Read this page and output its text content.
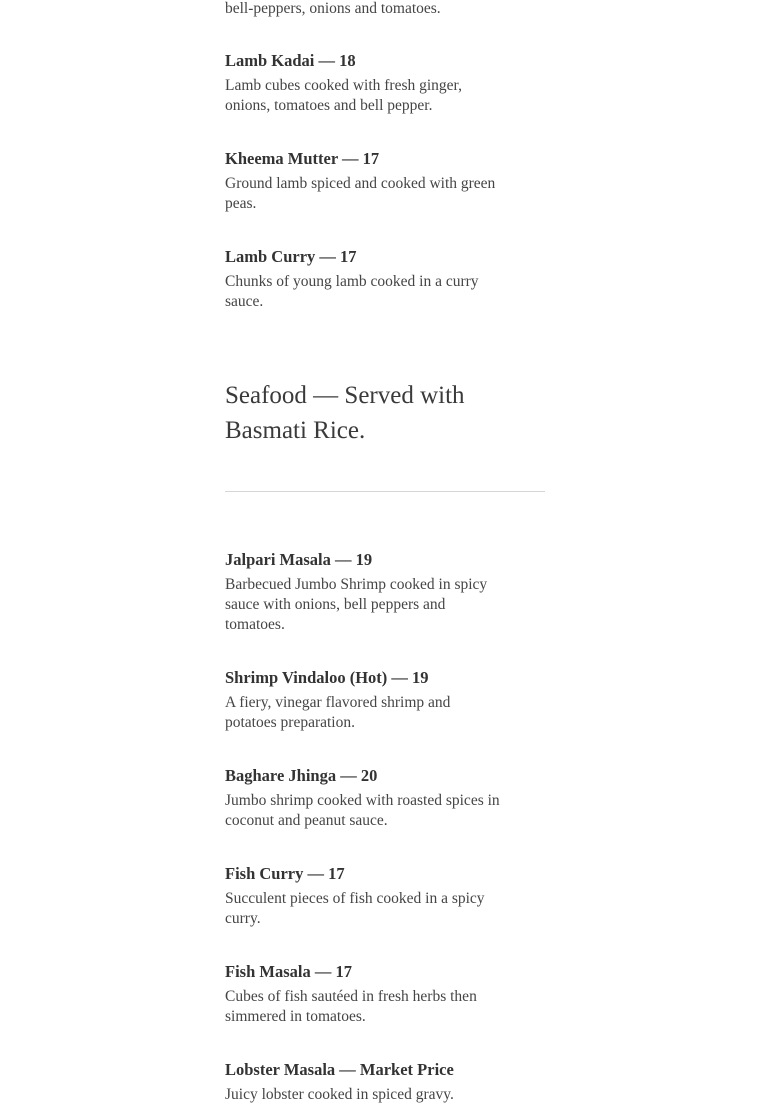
bell-peppers, onions and tomatoes.
Lamb Kadai — 18
Lamb cubes cooked with fresh ginger, onions, tomatoes and bell pepper.
Kheema Mutter — 17
Ground lamb spiced and cooked with green peas.
Lamb Curry — 17
Chunks of young lamb cooked in a curry sauce.
Seafood — Served with Basmati Rice.
Jalpari Masala — 19
Barbecued Jumbo Shrimp cooked in spicy sauce with onions, bell peppers and tomatoes.
Shrimp Vindaloo (Hot) — 19
A fiery, vinegar flavored shrimp and potatoes preparation.
Baghare Jhinga — 20
Jumbo shrimp cooked with roasted spices in coconut and peanut sauce.
Fish Curry — 17
Succulent pieces of fish cooked in a spicy curry.
Fish Masala — 17
Cubes of fish sautéed in fresh herbs then simmered in tomatoes.
Lobster Masala — Market Price
Juicy lobster cooked in spiced gravy.
